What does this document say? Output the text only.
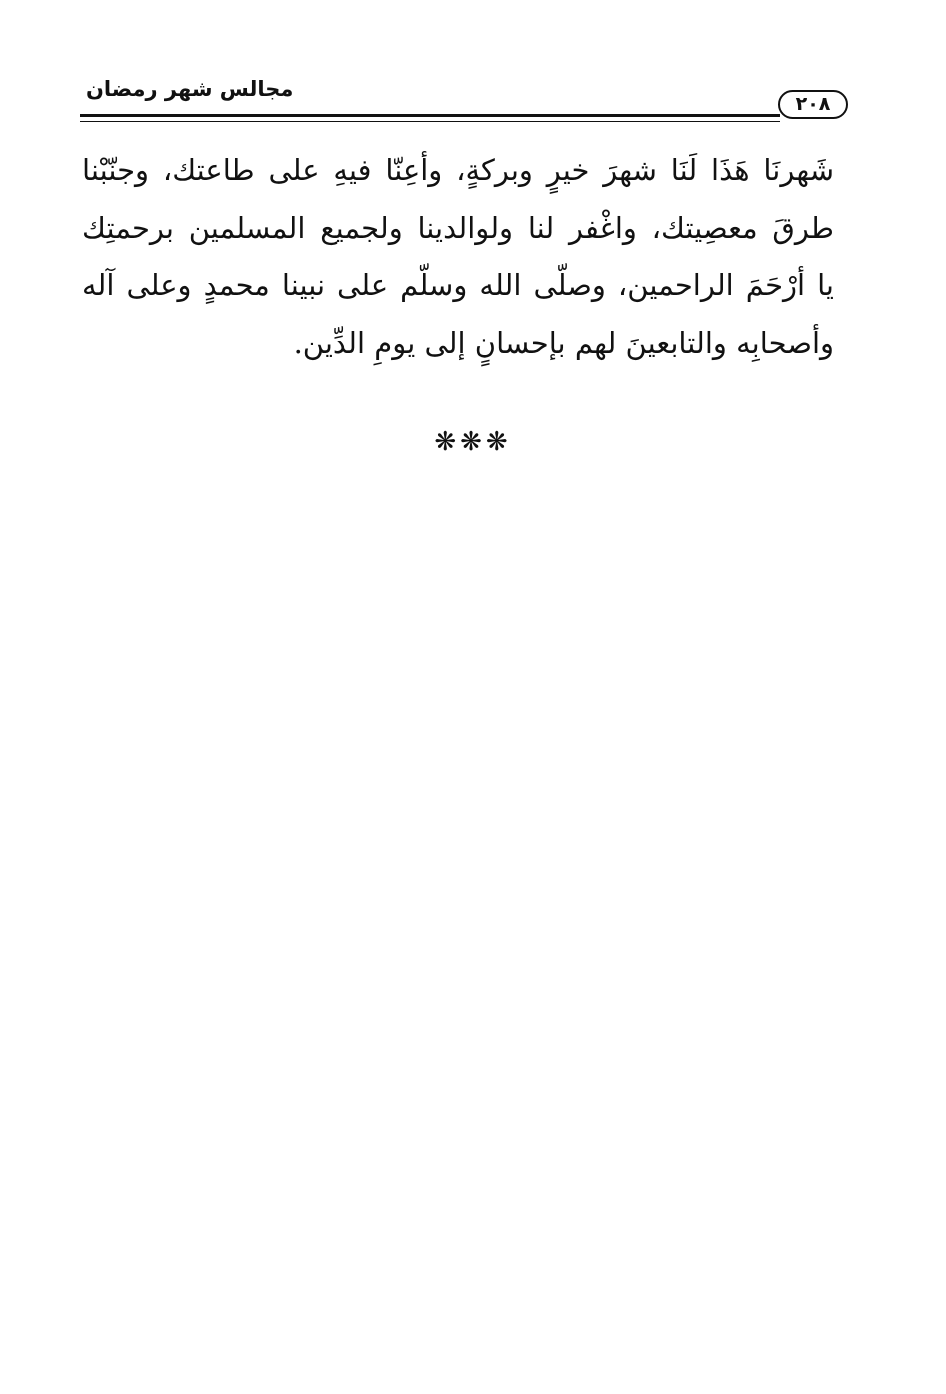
مجالس شهر رمضان
٢٠٨

شَهرنَا هَذَا لَنَا شهرَ خيرٍ وبركةٍ، وأعِنّا فيهِ على طاعتك، وجنّبْنا
طرقَ معصِيتك، واغْفر لنا ولوالدينا ولجميع المسلمين برحمتِك
يا أرْحَمَ الراحمين، وصلّى الله وسلّم على نبينا محمدٍ وعلى آله
وأصحابِه والتابعينَ لهم بإحسانٍ إلى يومِ الدِّين.

❋❋❋
